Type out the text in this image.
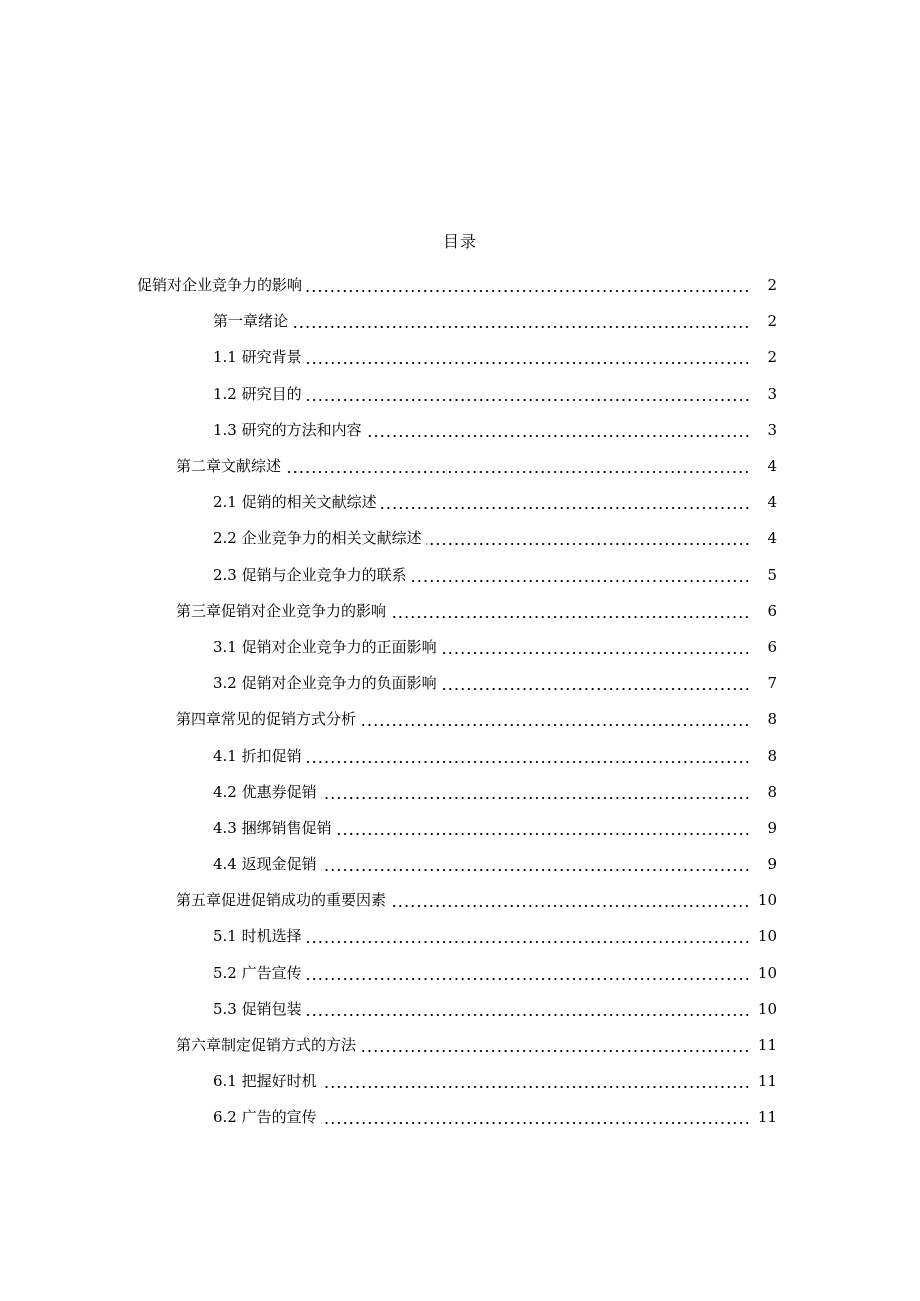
目录
促销对企业竞争力的影响	2
第一章绪论	2
1.1 研究背景	2
1.2 研究目的	3
1.3 研究的方法和内容	3
第二章文献综述	4
2.1 促销的相关文献综述	4
2.2 企业竞争力的相关文献综述	4
2.3 促销与企业竞争力的联系	5
第三章促销对企业竞争力的影响	6
3.1 促销对企业竞争力的正面影响	6
3.2 促销对企业竞争力的负面影响	7
第四章常见的促销方式分析	8
4.1 折扣促销	8
4.2 优惠券促销	8
4.3 捆绑销售促销	9
4.4 返现金促销	9
第五章促进促销成功的重要因素	10
5.1 时机选择	10
5.2 广告宣传	10
5.3 促销包装	10
第六章制定促销方式的方法	11
6.1 把握好时机	11
6.2 广告的宣传	11
